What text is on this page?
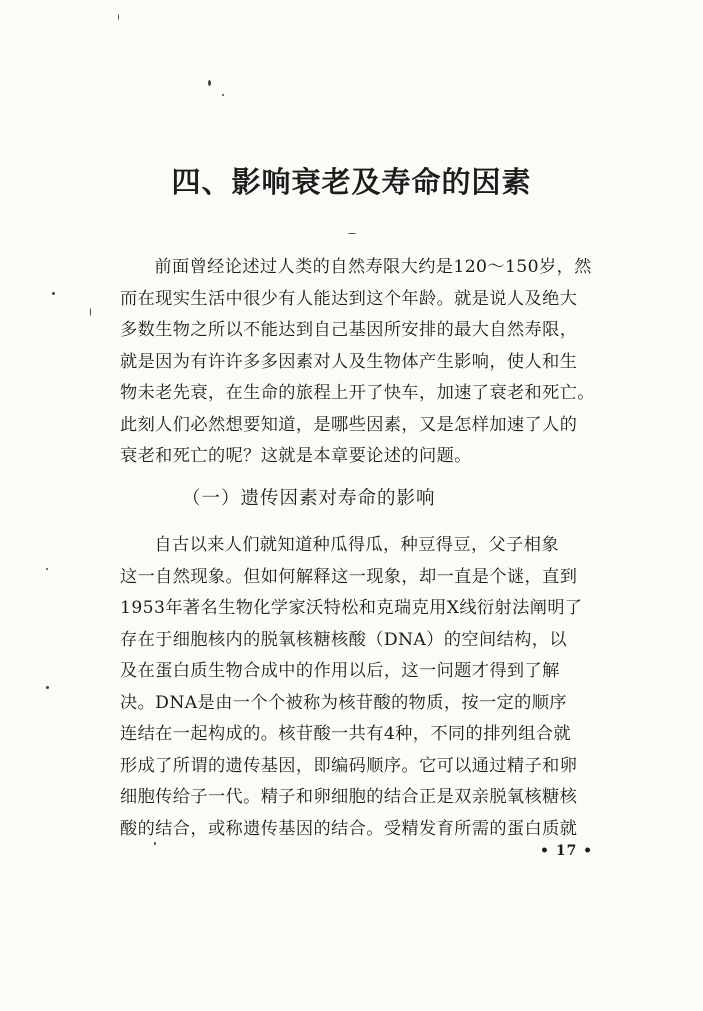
四、影响衰老及寿命的因素

前面曾经论述过人类的自然寿限大约是120～150岁，然
而在现实生活中很少有人能达到这个年龄。就是说人及绝大
多数生物之所以不能达到自己基因所安排的最大自然寿限，
就是因为有许许多多因素对人及生物体产生影响，使人和生
物未老先衰，在生命的旅程上开了快车，加速了衰老和死亡。
此刻人们必然想要知道，是哪些因素，又是怎样加速了人的
衰老和死亡的呢？这就是本章要论述的问题。

（一）遗传因素对寿命的影响

自古以来人们就知道种瓜得瓜，种豆得豆，父子相象
这一自然现象。但如何解释这一现象，却一直是个谜，直到
1953年著名生物化学家沃特松和克瑞克用X线衍射法阐明了
存在于细胞核内的脱氧核糖核酸（DNA）的空间结构，以
及在蛋白质生物合成中的作用以后，这一问题才得到了解
决。DNA是由一个个被称为核苷酸的物质，按一定的顺序
连结在一起构成的。核苷酸一共有4种，不同的排列组合就
形成了所谓的遗传基因，即编码顺序。它可以通过精子和卵
细胞传给子一代。精子和卵细胞的结合正是双亲脱氧核糖核
酸的结合，或称遗传基因的结合。受精发育所需的蛋白质就

• 17 •
